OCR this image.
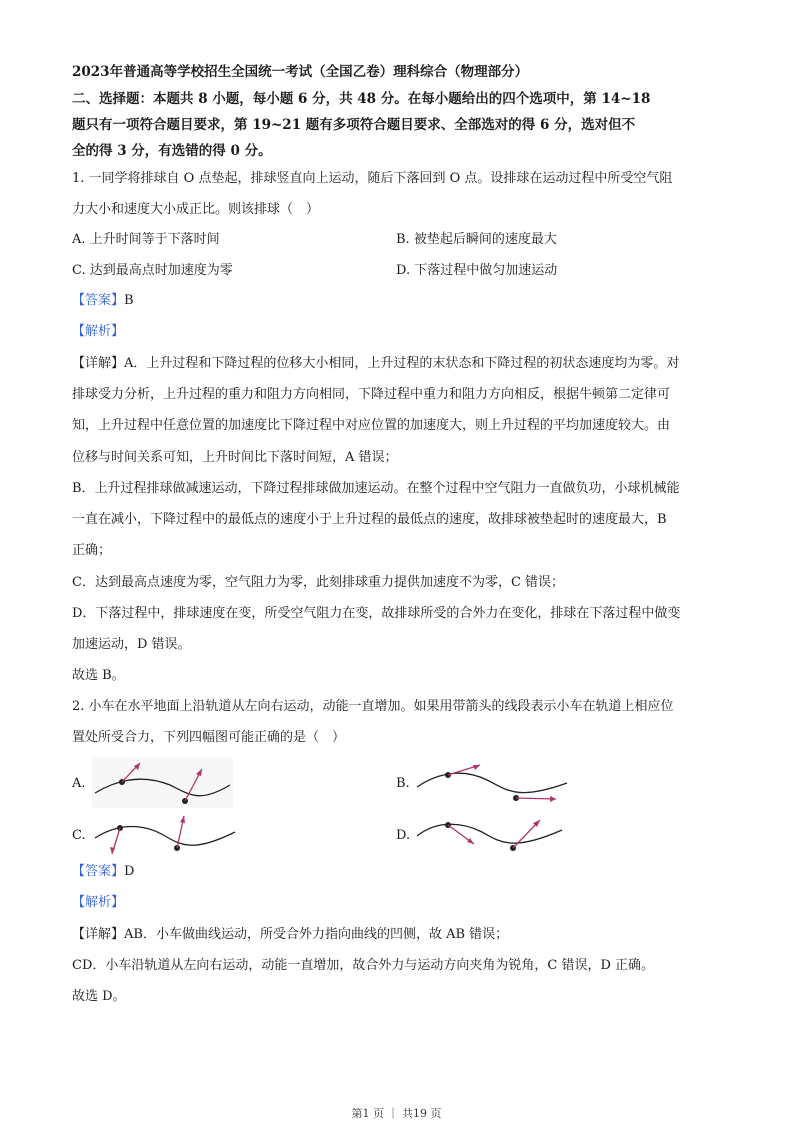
2023年普通高等学校招生全国统一考试（全国乙卷）理科综合（物理部分）
二、选择题：本题共 8 小题，每小题 6 分，共 48 分。在每小题给出的四个选项中，第 14~18
题只有一项符合题目要求，第 19~21 题有多项符合题目要求、全部选对的得 6 分，选对但不
全的得 3 分，有选错的得 0 分。
1. 一同学将排球自 O 点垫起，排球竖直向上运动，随后下落回到 O 点。设排球在运动过程中所受空气阻
力大小和速度大小成正比。则该排球（　）
A. 上升时间等于下落时间	B. 被垫起后瞬间的速度最大
C. 达到最高点时加速度为零	D. 下落过程中做匀加速运动
【答案】B
【解析】
【详解】A．上升过程和下降过程的位移大小相同，上升过程的末状态和下降过程的初状态速度均为零。对
排球受力分析，上升过程的重力和阻力方向相同，下降过程中重力和阻力方向相反，根据牛顿第二定律可
知，上升过程中任意位置的加速度比下降过程中对应位置的加速度大，则上升过程的平均加速度较大。由
位移与时间关系可知，上升时间比下落时间短，A 错误；
B．上升过程排球做减速运动，下降过程排球做加速运动。在整个过程中空气阻力一直做负功，小球机械能
一直在减小，下降过程中的最低点的速度小于上升过程的最低点的速度，故排球被垫起时的速度最大，B
正确；
C．达到最高点速度为零，空气阻力为零，此刻排球重力提供加速度不为零，C 错误；
D．下落过程中，排球速度在变，所受空气阻力在变，故排球所受的合外力在变化，排球在下落过程中做变
加速运动，D 错误。
故选 B。
2. 小车在水平地面上沿轨道从左向右运动，动能一直增加。如果用带箭头的线段表示小车在轨道上相应位
置处所受合力，下列四幅图可能正确的是（　）
A.	B.
C.	D.
【答案】D
【解析】
【详解】AB．小车做曲线运动，所受合外力指向曲线的凹侧，故 AB 错误；
CD．小车沿轨道从左向右运动，动能一直增加，故合外力与运动方向夹角为锐角，C 错误，D 正确。
故选 D。
第1 页 ｜ 共19 页
